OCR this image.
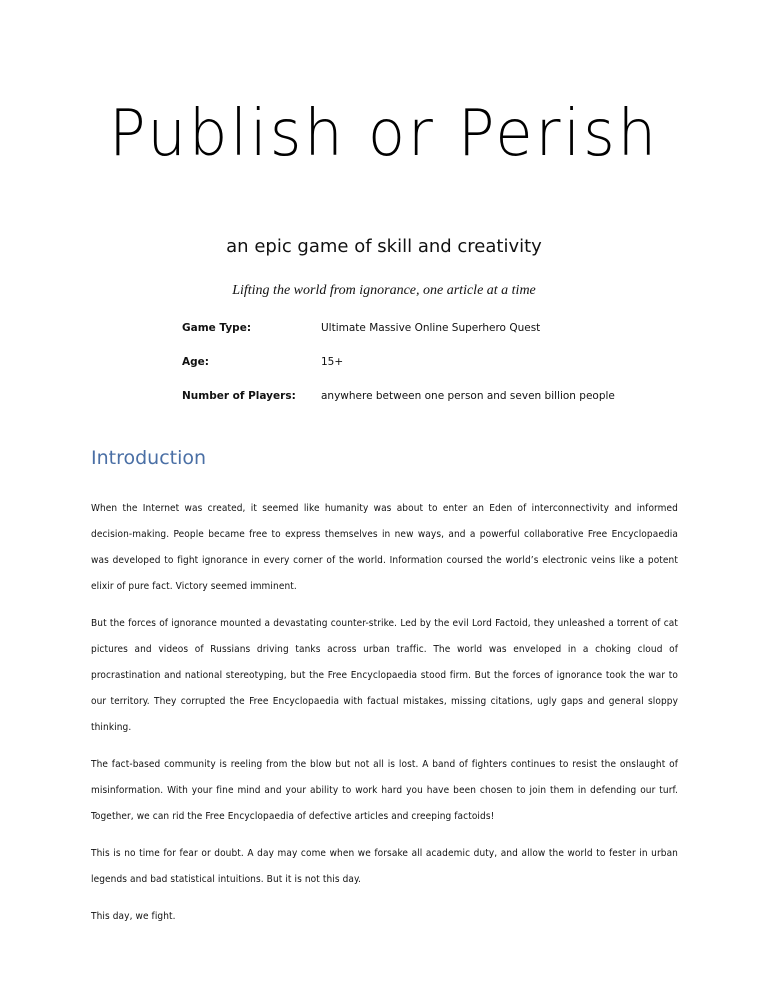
Publish or Perish
an epic game of skill and creativity
Lifting the world from ignorance, one article at a time
Game Type:	Ultimate Massive Online Superhero Quest
Age:	15+
Number of Players:	anywhere between one person and seven billion people
Introduction

When the Internet was created, it seemed like humanity was about to enter an Eden of interconnectivity and informed decision-making. People became free to express themselves in new ways, and a powerful collaborative Free Encyclopaedia was developed to fight ignorance in every corner of the world. Information coursed the world’s electronic veins like a potent elixir of pure fact. Victory seemed imminent.

But the forces of ignorance mounted a devastating counter-strike. Led by the evil Lord Factoid, they unleashed a torrent of cat pictures and videos of Russians driving tanks across urban traffic. The world was enveloped in a choking cloud of procrastination and national stereotyping, but the Free Encyclopaedia stood firm. But the forces of ignorance took the war to our territory. They corrupted the Free Encyclopaedia with factual mistakes, missing citations, ugly gaps and general sloppy thinking.

The fact-based community is reeling from the blow but not all is lost. A band of fighters continues to resist the onslaught of misinformation. With your fine mind and your ability to work hard you have been chosen to join them in defending our turf. Together, we can rid the Free Encyclopaedia of defective articles and creeping factoids!

This is no time for fear or doubt. A day may come when we forsake all academic duty, and allow the world to fester in urban legends and bad statistical intuitions. But it is not this day.

This day, we fight.
